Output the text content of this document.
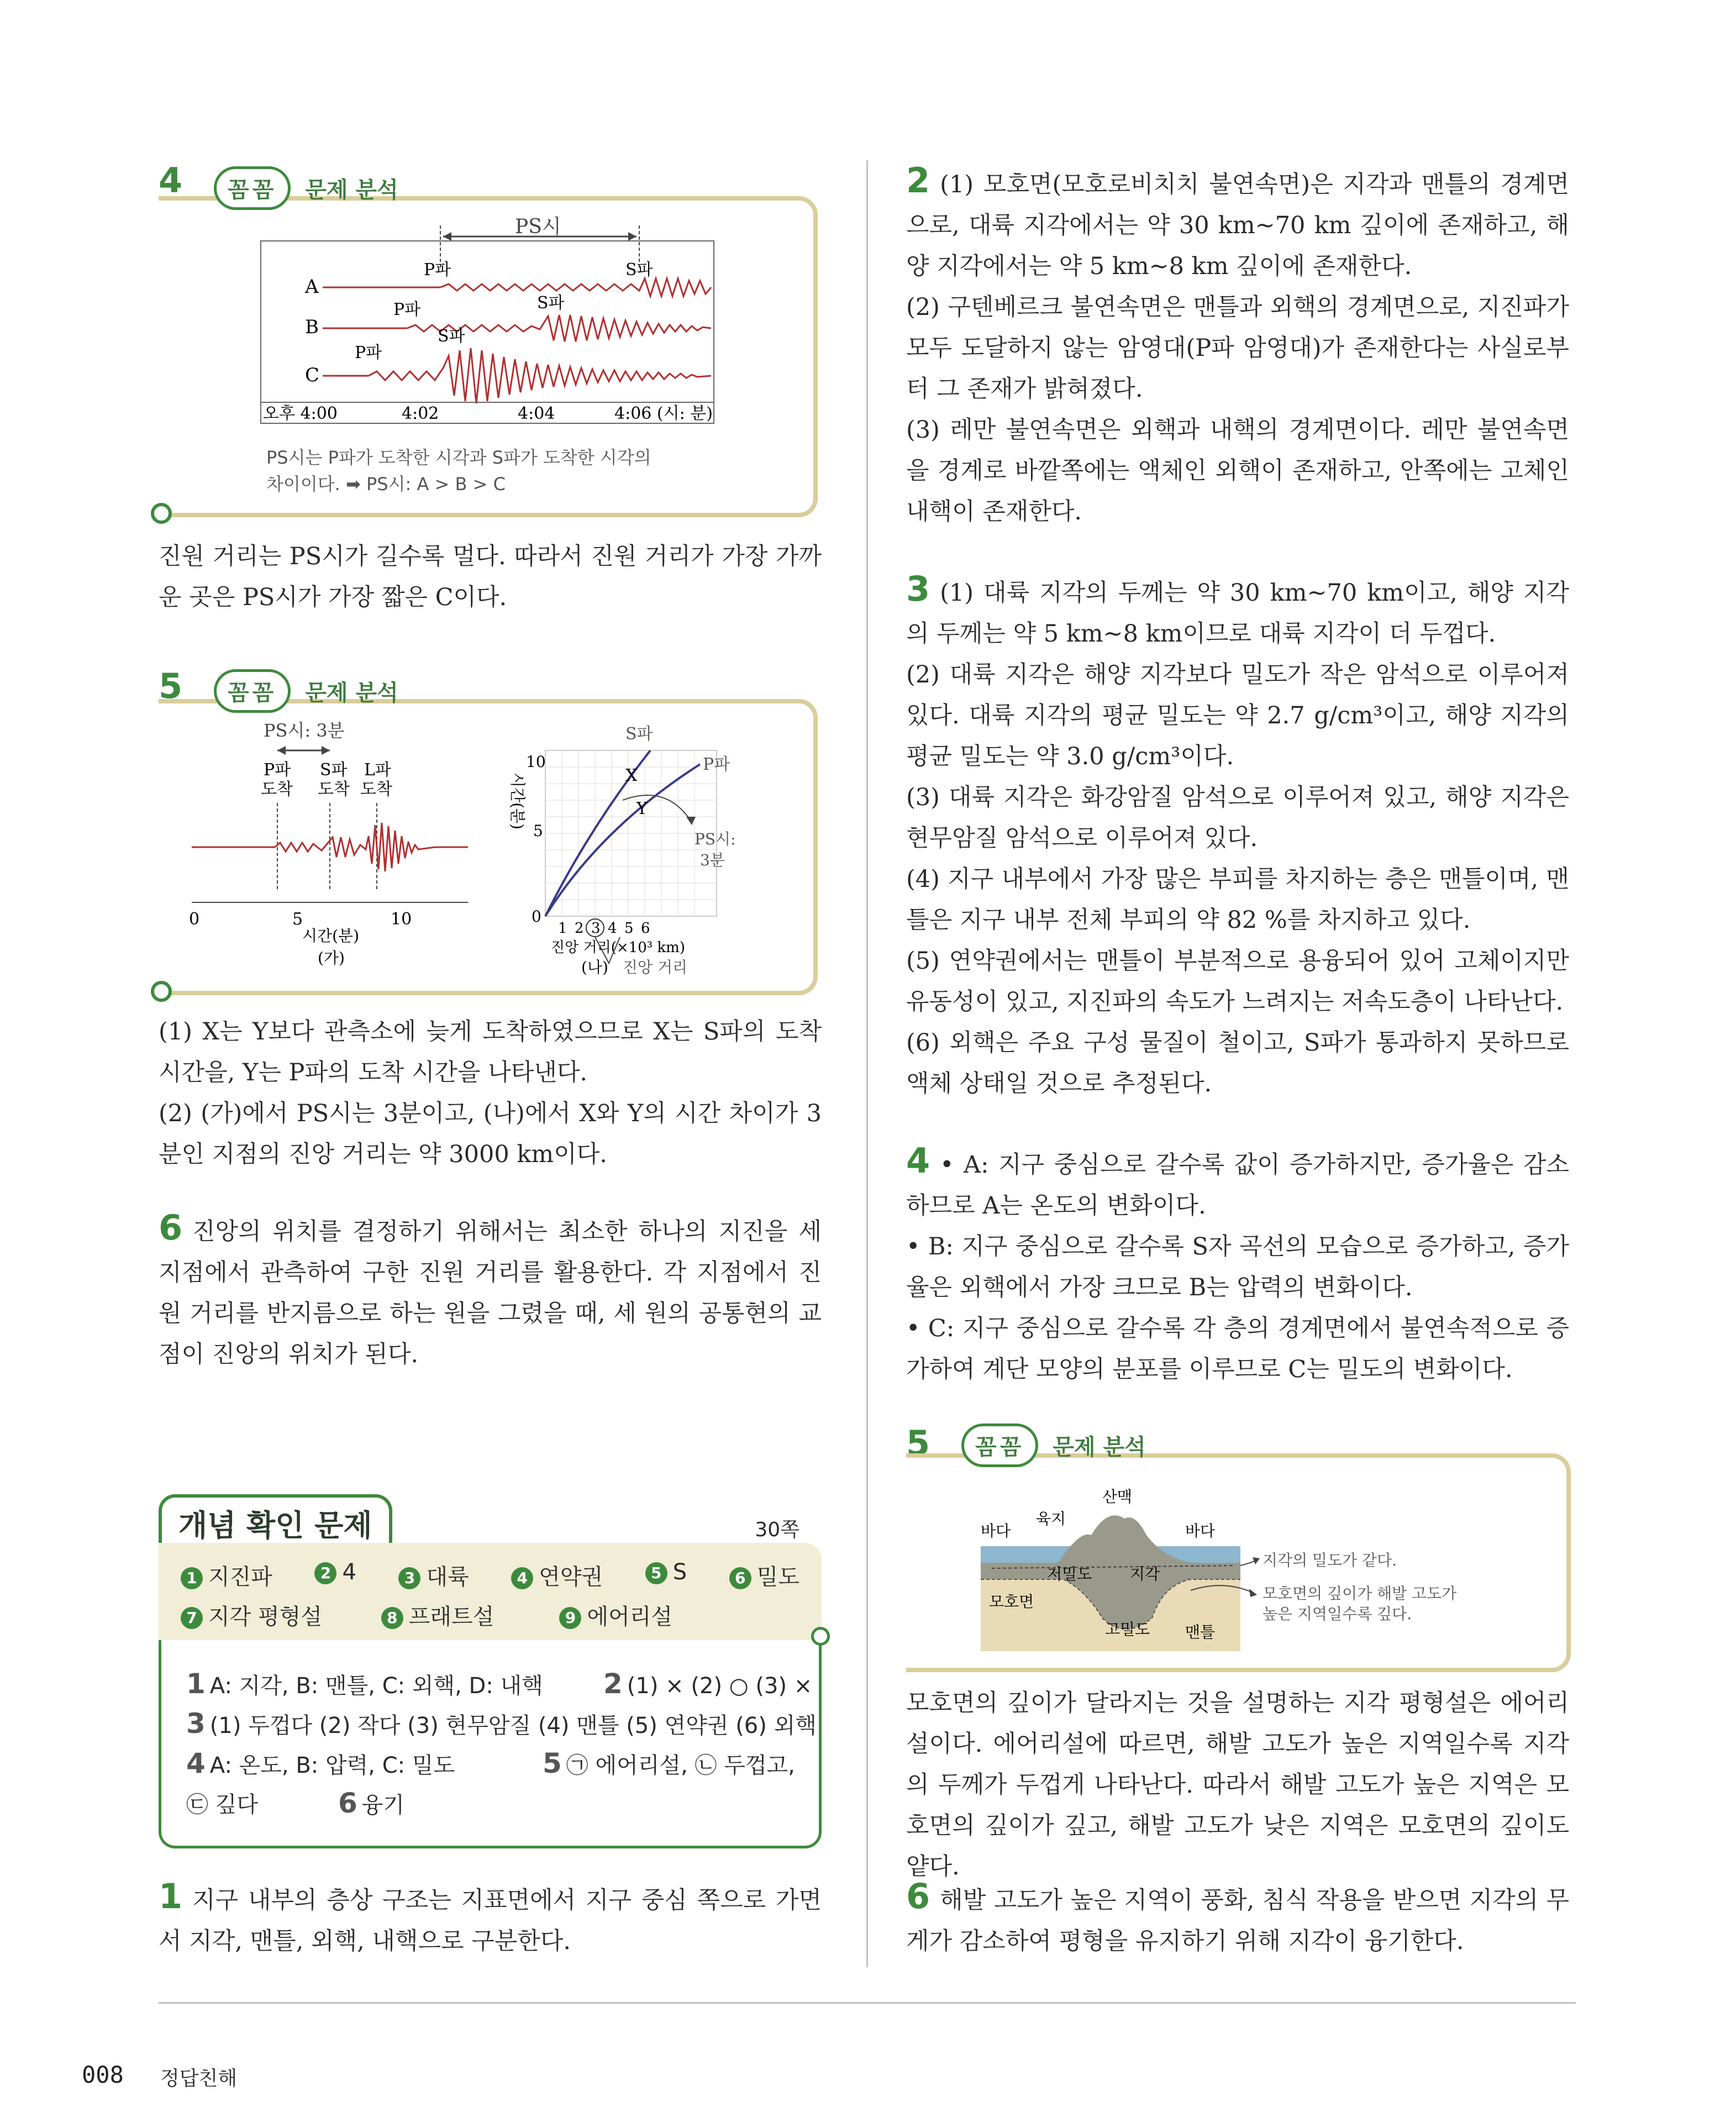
4	꼼꼼	문제 분석
PS시
A
B
C
P파	S파
P파	S파
P파
S파
오후 4:00	4:02	4:04	4:06 (시: 분)
PS시는 P파가 도착한 시각과 S파가 도착한 시각의
차이이다. ➡ PS시: A > B > C

진원 거리는 PS시가 길수록 멀다. 따라서 진원 거리가 가장 가까운 곳은 PS시가 가장 짧은 C이다.

5	꼼꼼	문제 분석
PS시: 3분
P파
도착
S파
도착
L파
도착
0	5	10
시간(분)
(가)
시간(분)
10
5
0
S파
P파
X
Y
PS시:
3분
1 2 3 4 5 6
진앙 거리(×10³ km)
(나) 진앙 거리

(1) X는 Y보다 관측소에 늦게 도착하였으므로 X는 S파의 도착 시간을, Y는 P파의 도착 시간을 나타낸다.

(2) (가)에서 PS시는 3분이고, (나)에서 X와 Y의 시간 차이가 3분인 지점의 진앙 거리는 약 3000 km이다.

6 진앙의 위치를 결정하기 위해서는 최소한 하나의 지진을 세 지점에서 관측하여 구한 진원 거리를 활용한다. 각 지점에서 진원 거리를 반지름으로 하는 원을 그렸을 때, 세 원의 공통현의 교점이 진앙의 위치가 된다.

개념 확인 문제	30쪽
1 지진파	2 4	3 대륙	4 연약권	5 S	6 밀도
7 지각 평형설	8 프래트설	9 에어리설
1 A: 지각, B: 맨틀, C: 외핵, D: 내핵 2 (1) × (2) ○ (3) ×
3 (1) 두껍다 (2) 작다 (3) 현무암질 (4) 맨틀 (5) 연약권 (6) 외핵
4 A: 온도, B: 압력, C: 밀도	5 ㉠ 에어리설, ㉡ 두껍고,
㉢ 깊다	6 융기

1 지구 내부의 층상 구조는 지표면에서 지구 중심 쪽으로 가면서 지각, 맨틀, 외핵, 내핵으로 구분한다.

2 (1) 모호면(모호로비치치 불연속면)은 지각과 맨틀의 경계면으로, 대륙 지각에서는 약 30 km~70 km 깊이에 존재하고, 해양 지각에서는 약 5 km~8 km 깊이에 존재한다.

(2) 구텐베르크 불연속면은 맨틀과 외핵의 경계면으로, 지진파가 모두 도달하지 않는 암영대(P파 암영대)가 존재한다는 사실로부터 그 존재가 밝혀졌다.

(3) 레만 불연속면은 외핵과 내핵의 경계면이다. 레만 불연속면을 경계로 바깥쪽에는 액체인 외핵이 존재하고, 안쪽에는 고체인 내핵이 존재한다.

3 (1) 대륙 지각의 두께는 약 30 km~70 km이고, 해양 지각의 두께는 약 5 km~8 km이므로 대륙 지각이 더 두껍다.

(2) 대륙 지각은 해양 지각보다 밀도가 작은 암석으로 이루어져 있다. 대륙 지각의 평균 밀도는 약 2.7 g/cm³이고, 해양 지각의 평균 밀도는 약 3.0 g/cm³이다.

(3) 대륙 지각은 화강암질 암석으로 이루어져 있고, 해양 지각은 현무암질 암석으로 이루어져 있다.

(4) 지구 내부에서 가장 많은 부피를 차지하는 층은 맨틀이며, 맨틀은 지구 내부 전체 부피의 약 82 %를 차지하고 있다.

(5) 연약권에서는 맨틀이 부분적으로 용융되어 있어 고체이지만 유동성이 있고, 지진파의 속도가 느려지는 저속도층이 나타난다.

(6) 외핵은 주요 구성 물질이 철이고, S파가 통과하지 못하므로 액체 상태일 것으로 추정된다.

4 • A: 지구 중심으로 갈수록 값이 증가하지만, 증가율은 감소하므로 A는 온도의 변화이다.

• B: 지구 중심으로 갈수록 S자 곡선의 모습으로 증가하고, 증가율은 외핵에서 가장 크므로 B는 압력의 변화이다.

• C: 지구 중심으로 갈수록 각 층의 경계면에서 불연속적으로 증가하여 계단 모양의 분포를 이루므로 C는 밀도의 변화이다.

5	꼼꼼	문제 분석
산맥
육지
바다	바다
저밀도 지각
모호면
고밀도 맨틀
지각의 밀도가 같다.
모호면의 깊이가 해발 고도가
높은 지역일수록 깊다.

모호면의 깊이가 달라지는 것을 설명하는 지각 평형설은 에어리설이다. 에어리설에 따르면, 해발 고도가 높은 지역일수록 지각의 두께가 두껍게 나타난다. 따라서 해발 고도가 높은 지역은 모호면의 깊이가 깊고, 해발 고도가 낮은 지역은 모호면의 깊이도 얕다.

6 해발 고도가 높은 지역이 풍화, 침식 작용을 받으면 지각의 무게가 감소하여 평형을 유지하기 위해 지각이 융기한다.

008 정답친해
